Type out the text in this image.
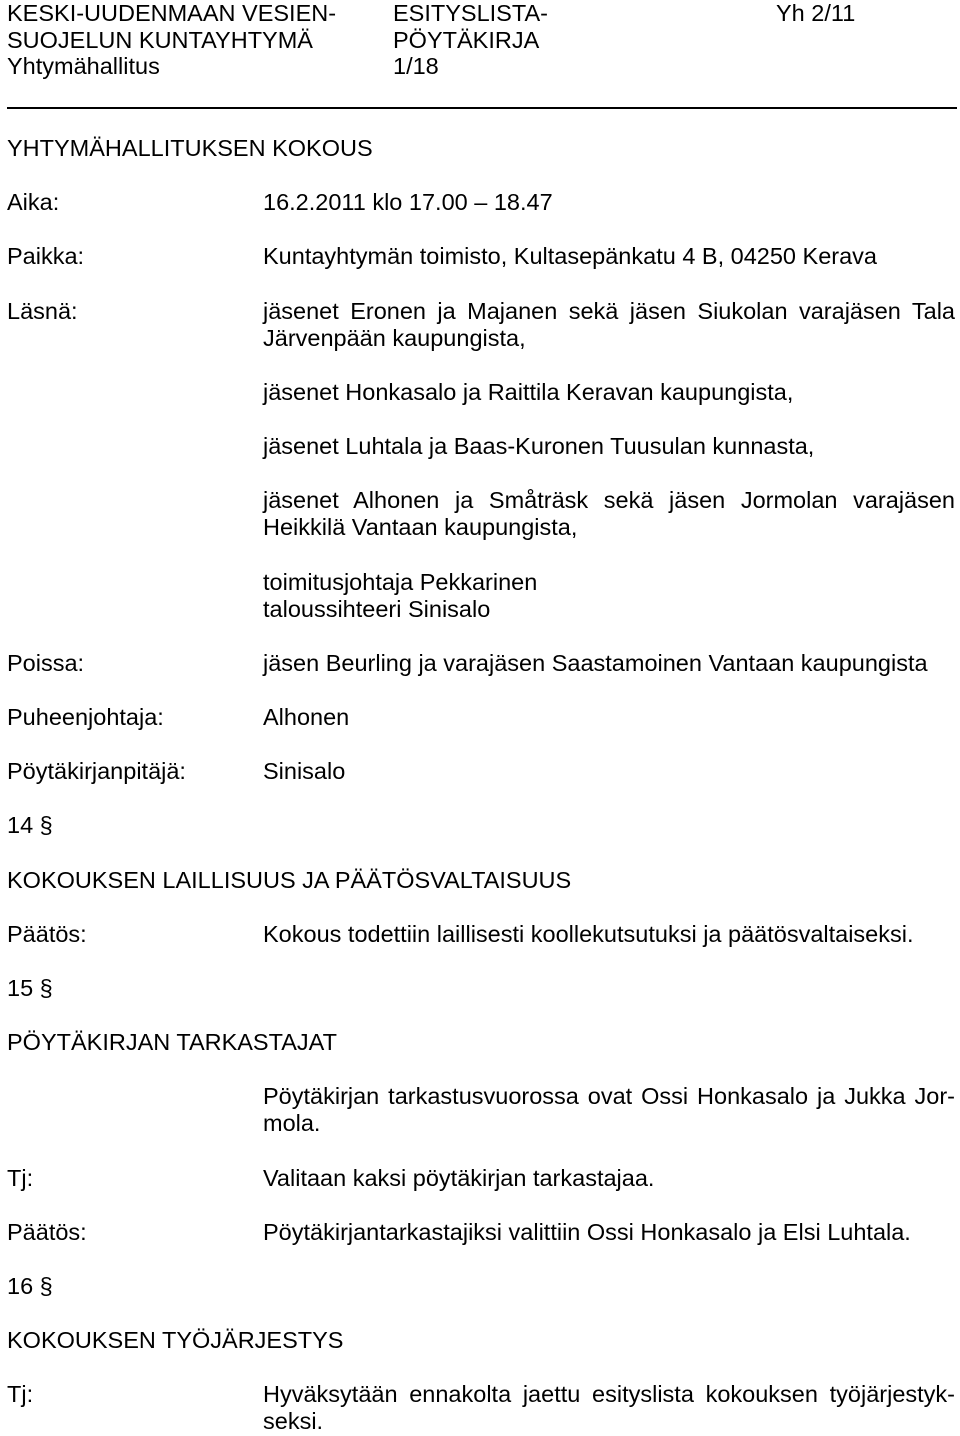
KESKI-UUDENMAAN VESIEN-
SUOJELUN KUNTAYHTYMÄ
Yhtymähallitus
ESITYSLISTA-
PÖYTÄKIRJA
1/18
Yh 2/11
YHTYMÄHALLITUKSEN KOKOUS
Aika:	16.2.2011 klo 17.00 – 18.47
Paikka:	Kuntayhtymän toimisto, Kultasepänkatu 4 B, 04250 Kerava
Läsnä:	jäsenet Eronen ja Majanen sekä jäsen Siukolan varajäsen Tala
Järvenpään kaupungista,
jäsenet Honkasalo ja Raittila Keravan kaupungista,
jäsenet Luhtala ja Baas-Kuronen Tuusulan kunnasta,
jäsenet Alhonen ja Småträsk sekä jäsen Jormolan varajäsen
Heikkilä Vantaan kaupungista,
toimitusjohtaja Pekkarinen
taloussihteeri Sinisalo
Poissa:	jäsen Beurling ja varajäsen Saastamoinen Vantaan kaupungista
Puheenjohtaja:	Alhonen
Pöytäkirjanpitäjä:	Sinisalo
14 §
KOKOUKSEN LAILLISUUS JA PÄÄTÖSVALTAISUUS
Päätös:	Kokous todettiin laillisesti koollekutsutuksi ja päätösvaltaiseksi.
15 §
PÖYTÄKIRJAN TARKASTAJAT
Pöytäkirjan tarkastusvuorossa ovat Ossi Honkasalo ja Jukka Jor-
mola.
Tj:	Valitaan kaksi pöytäkirjan tarkastajaa.
Päätös:	Pöytäkirjantarkastajiksi valittiin Ossi Honkasalo ja Elsi Luhtala.
16 §
KOKOUKSEN TYÖJÄRJESTYS
Tj:	Hyväksytään ennakolta jaettu esityslista kokouksen työjärjestyk-
seksi.
